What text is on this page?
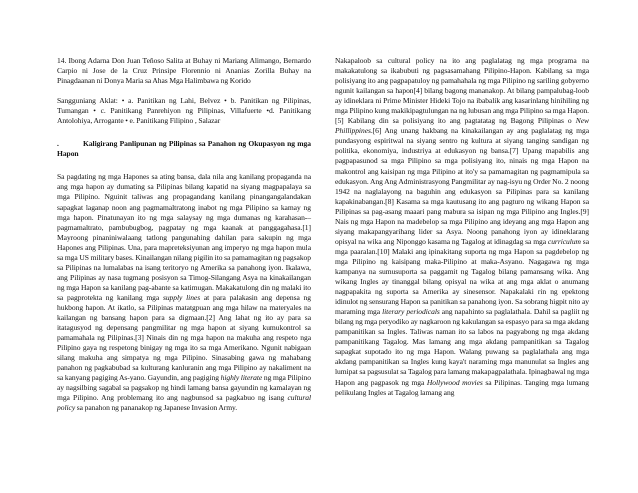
14. Ibong Adarna Don Juan Teñoso Salita at Buhay ni Mariang Alimango, Bernardo Carpio ni Jose de la Cruz Prinsipe Florennio ni Ananias Zorilla Buhay na Pinagdaanan ni Donya Maria sa Ahas Mga Halimbawa ng Korido

Sangguniang Aklat: • a. Panitikan ng Lahi, Belvez • b. Panitikan ng Pilipinas, Tumangan • c. Panitikang Panrehiyon ng Pilipinas, Villafuerte •d. Panitikang Antolohiya, Arrogante • e. Panitikang Filipino , Salazar

.	Kaligirang Panlipunan ng Pilipinas sa Panahon ng Okupasyon ng mga Hapon

Sa pagdating ng mga Hapones sa ating bansa, dala nila ang kanilang propaganda na ang mga hapon ay dumating sa Pilipinas bilang kapatid na siyang magpapalaya sa mga Pilipino. Nguinit taliwas ang propagandang kanilang pinangangalandakan sapagkat laganap noon ang pagmamaltratong inabot ng mga Pilipino sa kamay ng mga hapon. Pinatunayan ito ng mga salaysay ng mga dumanas ng karahasan-– pagmamaltrato, pambubugbog, pagpatay ng mga kaanak at panggagahasa.[1] Mayroong pinaniniwalaang tatlong pangunahing dahilan para sakupin ng mga Hapones ang Pilipinas. Una, para mapreteksiyunan ang imperyo ng mga hapon mula sa mga US military bases. Kinailangan nilang pigilin ito sa pamamagitan ng pagsakop sa Pilipinas na lumalabas na isang teritoryo ng Amerika sa panahong iyon. Ikalawa, ang Pilipinas ay nasa tugmang posisyon sa Timog-Silangang Asya na kinakailangan ng mga Hapon sa kanilang pag-abante sa katimugan. Makakatulong din ng malaki ito sa pagprotekta ng kanilang mga supply lines at para palakasin ang depensa ng hukbong hapon. At ikatlo, sa Pilipinas matatgpuan ang mga hilaw na materyales na kailangan ng bansang hapon para sa digmaan.[2] Ang lahat ng ito ay para sa itatagusyod ng depensang pangmilitar ng mga hapon at siyang kumukontrol sa pamamahala ng Pilipinas.[3] Ninais din ng mga hapon na makuha ang respeto nga Pilipino gaya ng respetong binigay ng mga ito sa mga Amerikano. Ngunit nabigaan silang makuha ang simpatya ng mga Pilipino. Sinasabing gawa ng mahabang panahon ng pagkabubad sa kulturang kanluranin ang mga Pilipino ay nakaliment na sa kanyang pagiging As-yano. Gayundin, ang pagiging highly literate ng mga Pilipino ay nagsilbing sagabal sa pagsakop ng hindi lamang bansa gayundin ng kamalayan ng mga Pilipino. Ang problemang ito ang nagbunsod sa pagkabuo ng isang cultural policy sa panahon ng pananakop ng Japanese Invasion Army.

Nakapaloob sa cultural policy na ito ang paglalatag ng mga programa na makakatulong sa ikabubuti ng pagsasamahang Pilipino-Hapon. Kabilang sa mga polisiyang ito ang pagpapatuloy ng pamahahala ng mga Pilipino ng sariling gobyerno ngunit kailangan sa hapon[4] bilang bagong mananakop. At bilang pampalubag-loob ay idineklara ni Prime Minister Hideki Tojo na ibabalik ang kasarinlang hinihiling ng mga Pilipino kung makikipagtulungan na ng lubusan ang mga Pilipino sa mga Hapon.[5] Kabilang din sa polisiyang ito ang pagtatatag ng Bagong Pilipinas o New Phillippines.[6] Ang unang hakbang na kinakailangan ay ang paglalatag ng mga pundasyong espiritwal na siyang sentro ng kultura at siyang tanging sandigan ng politika, ekonomiya, industriya at edukasyon ng bansa.[7] Upang mapabilis ang pagpapasunod sa mga Pilipino sa mga polisiyang ito, ninais ng mga Hapon na makontrol ang kaisipan ng mga Pilipino at ito'y sa pamamagitan ng pagmamipula sa edukasyon. Ang Ang Administrasyong Pangmilitar ay nag-isyu ng Order No. 2 noong 1942 na naglalayong na baguhin ang edukasyon sa Pilipinas para sa kanilang kapakinabangan.[8] Kasama sa mga kautusang ito ang pagturo ng wikang Hapon sa Pilipinas sa pag-asang maaari pang mabura sa isipan ng mga Pilipino ang Ingles.[9] Nais ng mga Hapon na madebelop sa mga Pilipino ang ideyang ang mga Hapon ang siyang makapangyarihang lider sa Asya. Noong panahong iyon ay idineklarang opisyal na wika ang Niponggo kasama ng Tagalog at idinagdag sa mga curriculum sa mga paaralan.[10] Malaki ang ipinakitang suporta ng mga Hapon sa pagdebelop ng mga Pilipino ng kaisipang maka-Pilipino at maka-Asyano. Nagagawa ng mga kampanya na sumusuporta sa paggamit ng Tagalog bilang pamansang wika. Ang wikang Ingles ay tinanggal bilang opisyal na wika at ang mga aklat o anumang nagpapakita ng suporta sa Amerika ay sinesensor. Napakalaki rin ng epektong idinulot ng sensurang Hapon sa panitikan sa panahong iyon. Sa sobrang higpit nito ay maraming mga literary periodicals ang napahinto sa paglalathala. Dahil sa pagliit ng bilang ng mga peryodiko ay nagkaroon ng kakulangan sa espasyo para sa mga akdang pampanitikan sa Ingles. Taliwas naman ito sa labos na pagyabong ng mga akdang pampanitikang Tagalog. Mas lamang ang mga akdang pampanitikan sa Tagalog sapagkat supotado ito ng mga Hapon. Walang puwang sa paglalathala ang mga akdang pampanitikan sa Ingles kung kaya't naraming mga manunulat sa Ingles ang lumipat sa pagsusulat sa Tagalog para lamang makapagpalathala. Ipinagbawal ng mga Hapon ang pagpasok ng mga Hollywood movies sa Pilipinas. Tanging mga lumang pelikulang Ingles at Tagalog lamang ang
